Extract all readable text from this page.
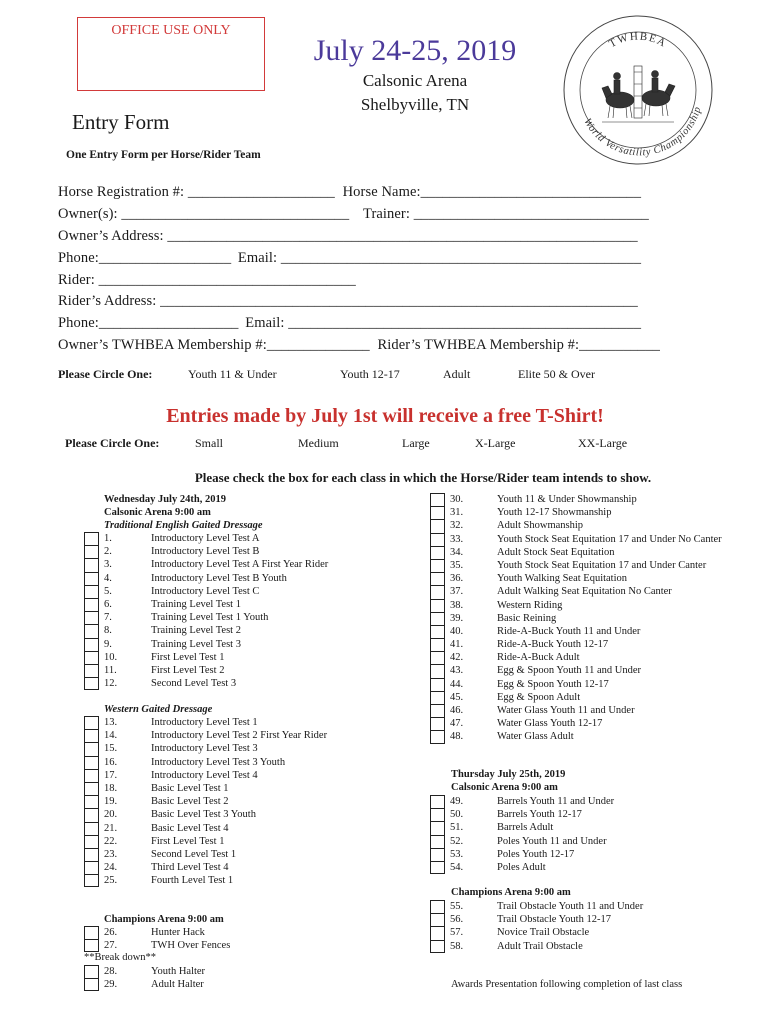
OFFICE USE ONLY
July 24-25, 2019
Calsonic Arena
Shelbyville, TN
TWHBEA
World Versatility Championship
Entry Form
One Entry Form per Horse/Rider Team
Horse Registration #: ____________________ Horse Name:______________________________
Owner(s): _______________________________ Trainer: ________________________________
Owner’s Address: ________________________________________________________________
Phone:__________________ Email: _________________________________________________
Rider: ___________________________________
Rider’s Address: _________________________________________________________________
Phone:___________________ Email: ________________________________________________
Owner’s TWHBEA Membership #:______________ Rider’s TWHBEA Membership #:___________
Please Circle One:	Youth 11 & Under	Youth 12-17	Adult	Elite 50 & Over
Entries made by July 1st will receive a free T-Shirt!
Please Circle One:	Small	Medium	Large	X-Large	XX-Large
Please check the box for each class in which the Horse/Rider team intends to show.
Wednesday July 24th, 2019
Calsonic Arena 9:00 am
Traditional English Gaited Dressage
1.	Introductory Level Test A
2.	Introductory Level Test B
3.	Introductory Level Test A First Year Rider
4.	Introductory Level Test B Youth
5.	Introductory Level Test C
6.	Training Level Test 1
7.	Training Level Test 1 Youth
8.	Training Level Test 2
9.	Training Level Test 3
10.	First Level Test 1
11.	First Level Test 2
12.	Second Level Test 3
Western Gaited Dressage
13.	Introductory Level Test 1
14.	Introductory Level Test 2 First Year Rider
15.	Introductory Level Test 3
16.	Introductory Level Test 3 Youth
17.	Introductory Level Test 4
18.	Basic Level Test 1
19.	Basic Level Test 2
20.	Basic Level Test 3 Youth
21.	Basic Level Test 4
22.	First Level Test 1
23.	Second Level Test 1
24.	Third Level Test 4
25.	Fourth Level Test 1
Champions Arena 9:00 am
26.	Hunter Hack
27.	TWH Over Fences
**Break down**
28.	Youth Halter
29.	Adult Halter
30.	Youth 11 & Under Showmanship
31.	Youth 12-17 Showmanship
32.	Adult Showmanship
33.	Youth Stock Seat Equitation 17 and Under No Canter
34.	Adult Stock Seat Equitation
35.	Youth Stock Seat Equitation 17 and Under Canter
36.	Youth Walking Seat Equitation
37.	Adult Walking Seat Equitation No Canter
38.	Western Riding
39.	Basic Reining
40.	Ride-A-Buck Youth 11 and Under
41.	Ride-A-Buck Youth 12-17
42.	Ride-A-Buck Adult
43.	Egg & Spoon Youth 11 and Under
44.	Egg & Spoon Youth 12-17
45.	Egg & Spoon Adult
46.	Water Glass Youth 11 and Under
47.	Water Glass Youth 12-17
48.	Water Glass Adult
Thursday July 25th, 2019
Calsonic Arena 9:00 am
49.	Barrels Youth 11 and Under
50.	Barrels Youth 12-17
51.	Barrels Adult
52.	Poles Youth 11 and Under
53.	Poles Youth 12-17
54.	Poles Adult
Champions Arena 9:00 am
55.	Trail Obstacle Youth 11 and Under
56.	Trail Obstacle Youth 12-17
57.	Novice Trail Obstacle
58.	Adult Trail Obstacle
Awards Presentation following completion of last class
